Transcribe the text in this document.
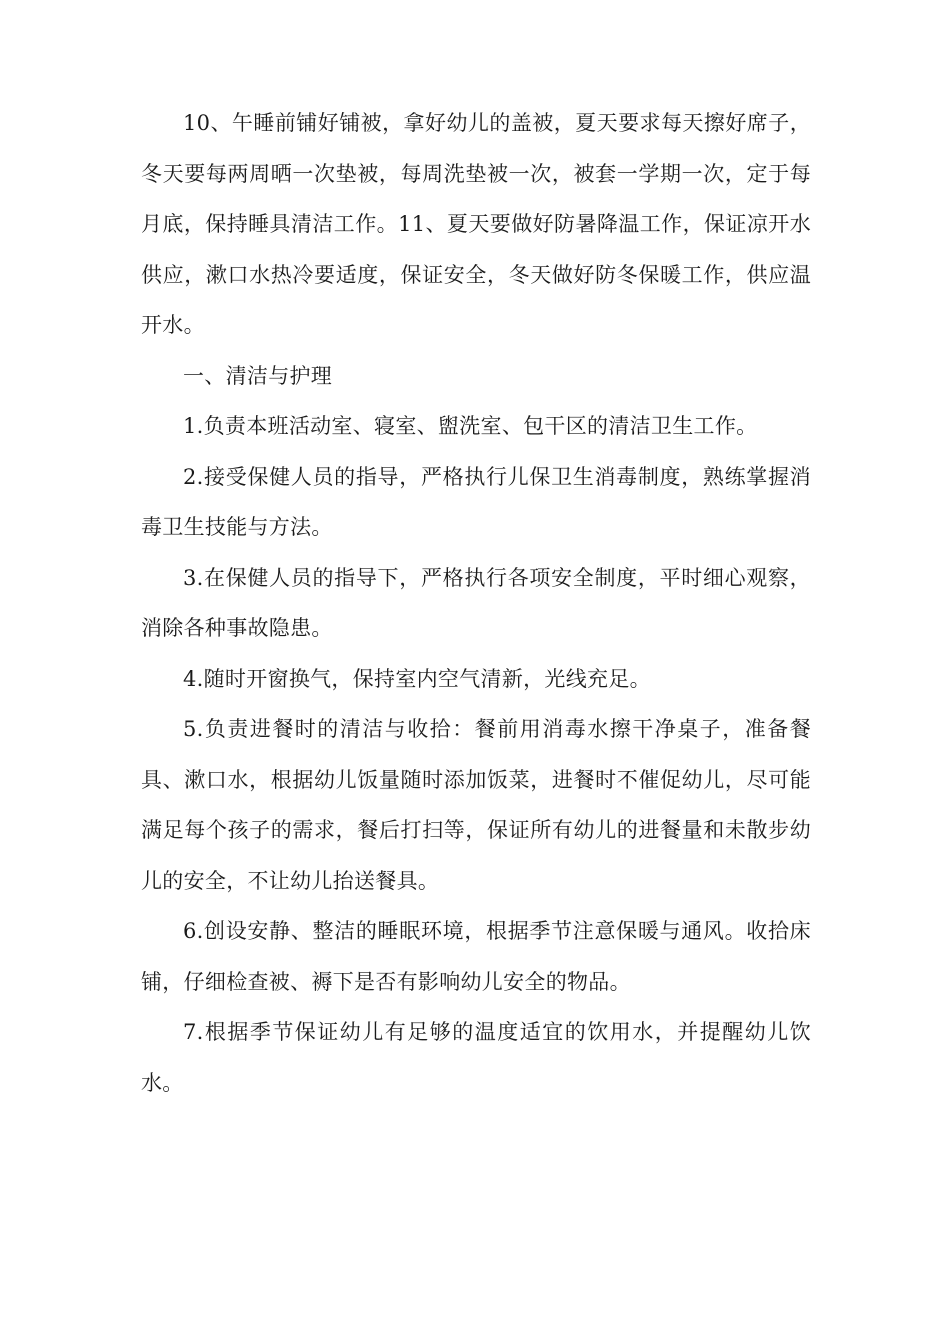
10、午睡前铺好铺被，拿好幼儿的盖被，夏天要求每天擦好席子，冬天要每两周晒一次垫被，每周洗垫被一次，被套一学期一次，定于每月底，保持睡具清洁工作。11、夏天要做好防暑降温工作，保证凉开水供应，漱口水热冷要适度，保证安全，冬天做好防冬保暖工作，供应温开水。

一、清洁与护理

1.负责本班活动室、寝室、盥洗室、包干区的清洁卫生工作。

2.接受保健人员的指导，严格执行儿保卫生消毒制度，熟练掌握消毒卫生技能与方法。

3.在保健人员的指导下，严格执行各项安全制度，平时细心观察，消除各种事故隐患。

4.随时开窗换气，保持室内空气清新，光线充足。

5.负责进餐时的清洁与收拾：餐前用消毒水擦干净桌子，准备餐具、漱口水，根据幼儿饭量随时添加饭菜，进餐时不催促幼儿，尽可能满足每个孩子的需求，餐后打扫等，保证所有幼儿的进餐量和未散步幼儿的安全，不让幼儿抬送餐具。

6.创设安静、整洁的睡眠环境，根据季节注意保暖与通风。收拾床铺，仔细检查被、褥下是否有影响幼儿安全的物品。

7.根据季节保证幼儿有足够的温度适宜的饮用水，并提醒幼儿饮水。
